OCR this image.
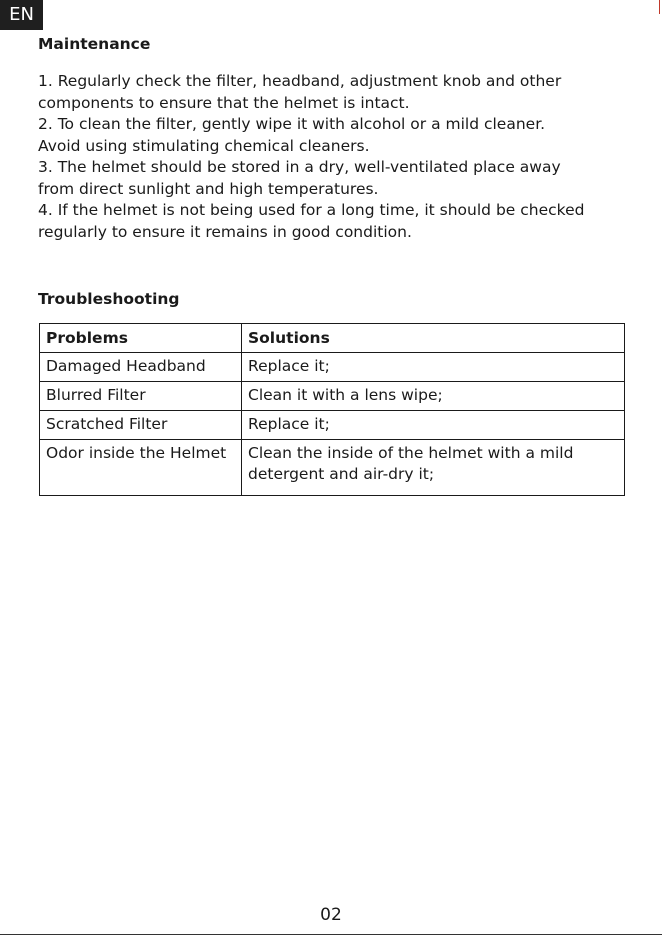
EN
Maintenance
1. Regularly check the filter, headband, adjustment knob and other
components to ensure that the helmet is intact.
2. To clean the filter, gently wipe it with alcohol or a mild cleaner.
Avoid using stimulating chemical cleaners.
3. The helmet should be stored in a dry, well-ventilated place away
from direct sunlight and high temperatures.
4. If the helmet is not being used for a long time, it should be checked
regularly to ensure it remains in good condition.
Troubleshooting
Problems	Solutions
Damaged Headband	Replace it;
Blurred Filter	Clean it with a lens wipe;
Scratched Filter	Replace it;
Odor inside the Helmet	Clean the inside of the helmet with a mild
detergent and air-dry it;
02
